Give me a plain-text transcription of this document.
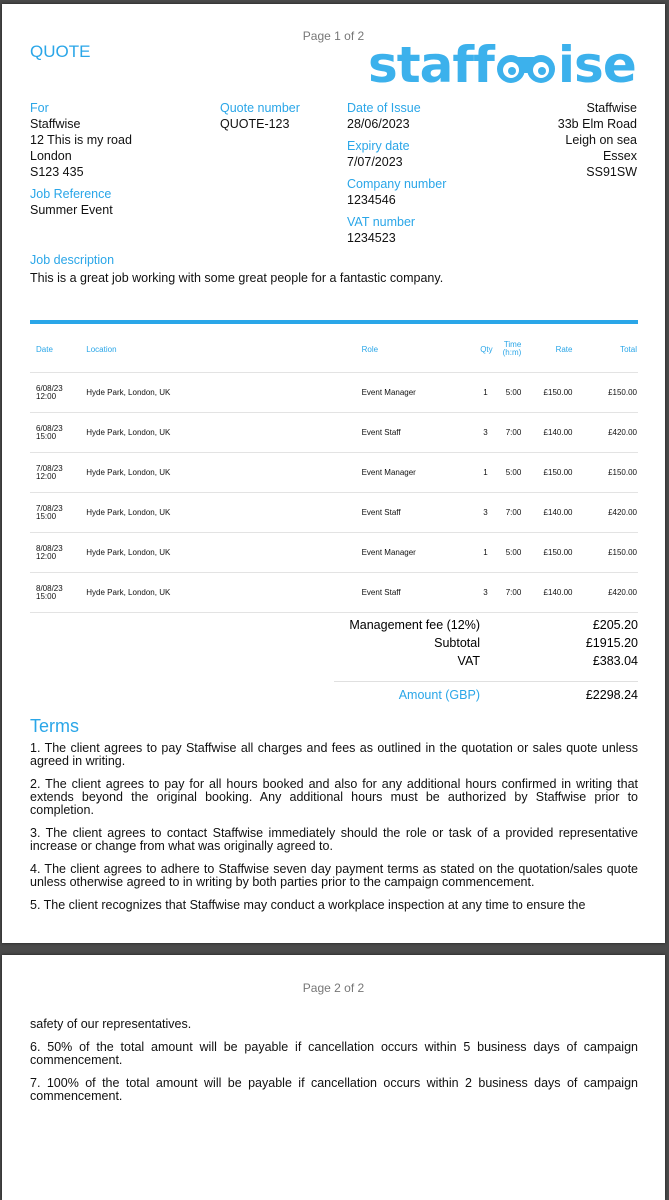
Page 1 of 2
QUOTE	staff ise
For
Staffwise
12 This is my road
London
S123 435
Job Reference
Summer Event
Quote number
QUOTE-123
Date of Issue
28/06/2023
Expiry date
7/07/2023
Company number
1234546
VAT number
1234523
Staffwise
33b Elm Road
Leigh on sea
Essex
SS91SW
Job description
This is a great job working with some great people for a fantastic company.
Date	Location	Role	Qty	Time
(h:m)	Rate	Total

6/08/23
12:00	Hyde Park, London, UK	Event Manager	1	5:00	£150.00	£150.00

6/08/23
15:00	Hyde Park, London, UK	Event Staff	3	7:00	£140.00	£420.00

7/08/23
12:00	Hyde Park, London, UK	Event Manager	1	5:00	£150.00	£150.00

7/08/23
15:00	Hyde Park, London, UK	Event Staff	3	7:00	£140.00	£420.00

8/08/23
12:00	Hyde Park, London, UK	Event Manager	1	5:00	£150.00	£150.00

8/08/23
15:00	Hyde Park, London, UK	Event Staff	3	7:00	£140.00	£420.00
Management fee (12%)	£205.20
Subtotal	£1915.20
VAT	£383.04
Amount (GBP)	£2298.24
Terms

1. The client agrees to pay Staffwise all charges and fees as outlined in the quotation or sales quote unless agreed in writing.

2. The client agrees to pay for all hours booked and also for any additional hours confirmed in writing that extends beyond the original booking. Any additional hours must be authorized by Staffwise prior to completion.

3. The client agrees to contact Staffwise immediately should the role or task of a provided representative increase or change from what was originally agreed to.

4. The client agrees to adhere to Staffwise seven day payment terms as stated on the quotation/sales quote unless otherwise agreed to in writing by both parties prior to the campaign commencement.

5. The client recognizes that Staffwise may conduct a workplace inspection at any time to ensure the

Page 2 of 2

safety of our representatives.

6. 50% of the total amount will be payable if cancellation occurs within 5 business days of campaign commencement.

7. 100% of the total amount will be payable if cancellation occurs within 2 business days of campaign commencement.
